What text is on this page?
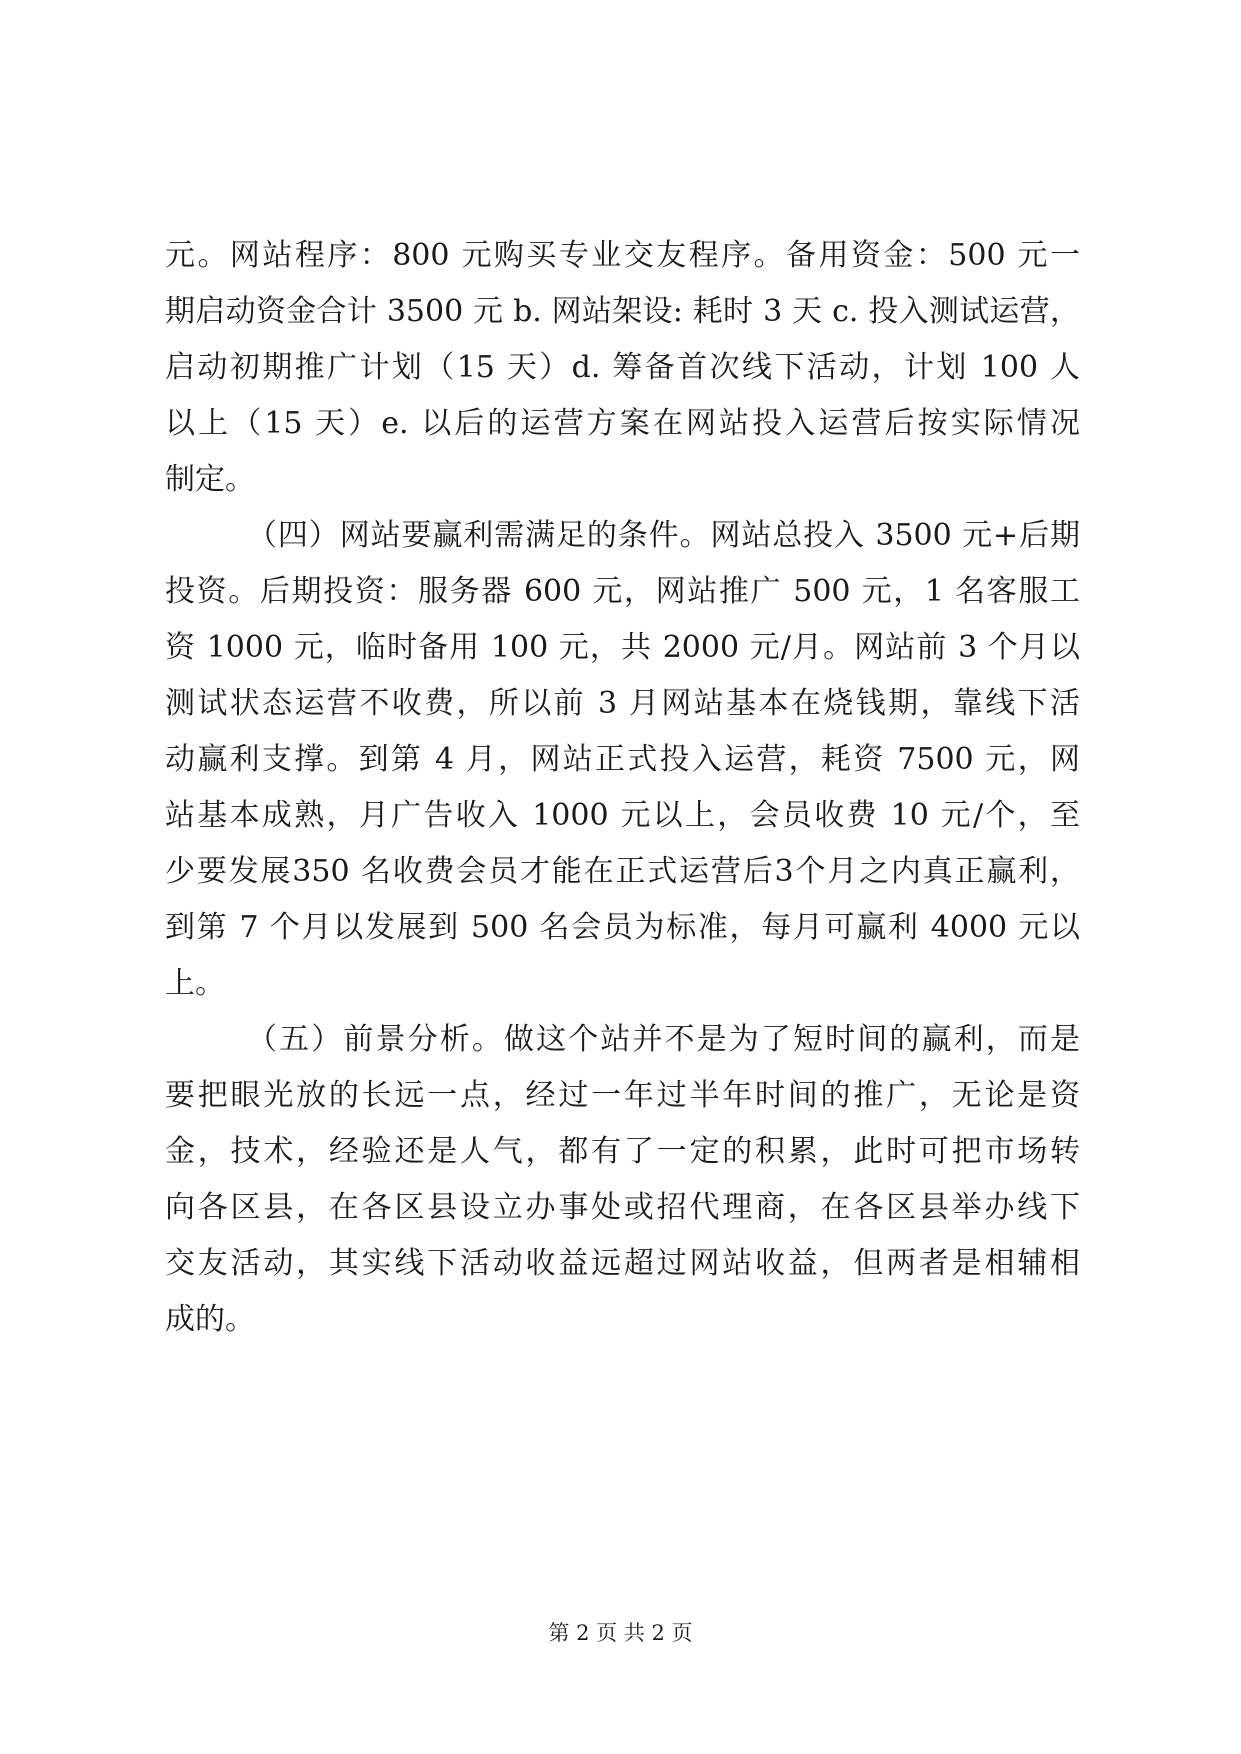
元。网站程序：800 元购买专业交友程序。备用资金：500 元一
期启动资金合计 3500 元 b. 网站架设: 耗时 3 天 c. 投入测试运营，
启动初期推广计划（15 天）d. 筹备首次线下活动，计划 100 人
以上（15 天）e. 以后的运营方案在网站投入运营后按实际情况
制定。
（四）网站要赢利需满足的条件。网站总投入 3500 元+后期
投资。后期投资：服务器 600 元，网站推广 500 元，1 名客服工
资 1000 元，临时备用 100 元，共 2000 元/月。网站前 3 个月以
测试状态运营不收费，所以前 3 月网站基本在烧钱期，靠线下活
动赢利支撑。到第 4 月，网站正式投入运营，耗资 7500 元，网
站基本成熟，月广告收入 1000 元以上，会员收费 10 元/个，至
少要发展350 名收费会员才能在正式运营后3个月之内真正赢利，
到第 7 个月以发展到 500 名会员为标准，每月可赢利 4000 元以
上。
（五）前景分析。做这个站并不是为了短时间的赢利，而是
要把眼光放的长远一点，经过一年过半年时间的推广，无论是资
金，技术，经验还是人气，都有了一定的积累，此时可把市场转
向各区县，在各区县设立办事处或招代理商，在各区县举办线下
交友活动，其实线下活动收益远超过网站收益，但两者是相辅相
成的。
第 2 页 共 2 页
